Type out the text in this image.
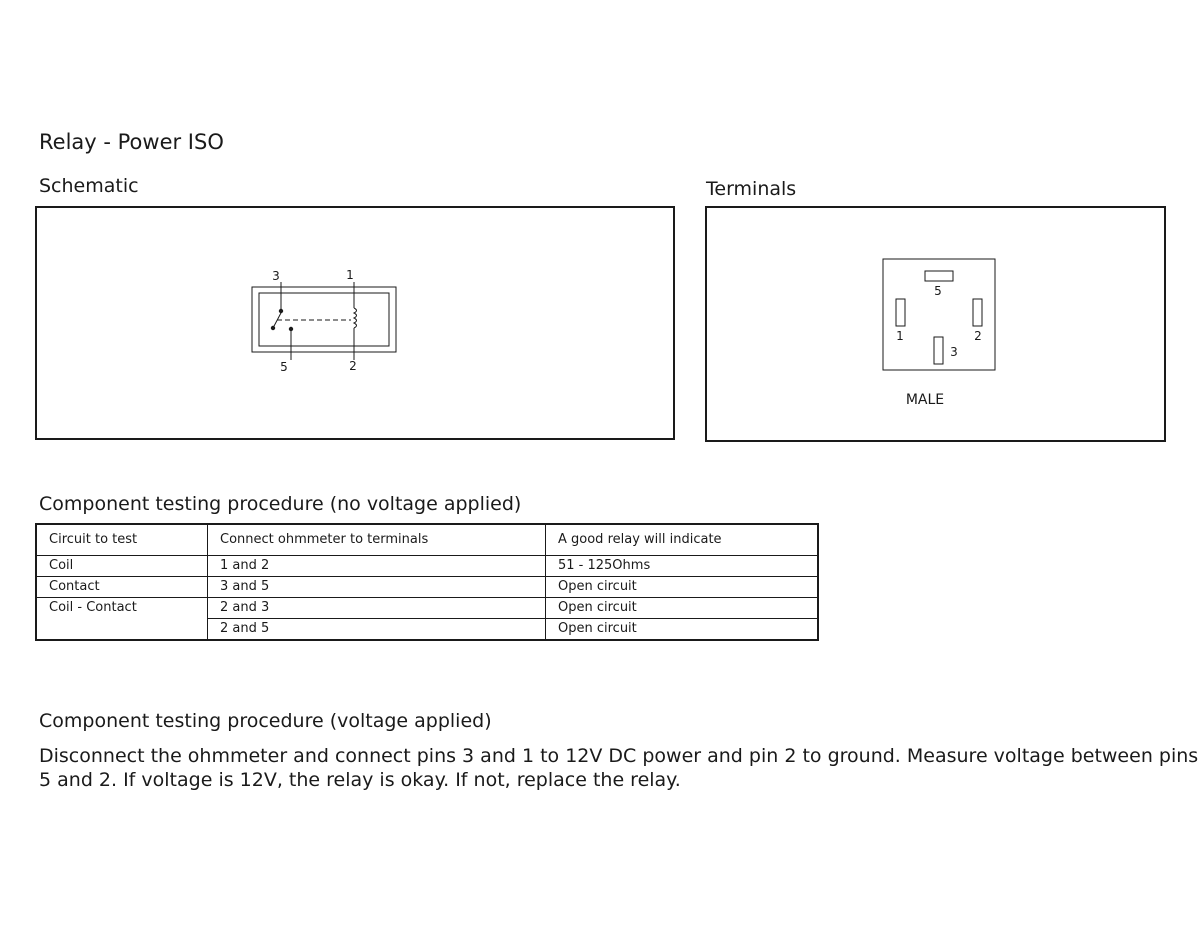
Relay - Power ISO
Schematic	Terminals
3	1
5	2
5
1	2
3
MALE
Component testing procedure (no voltage applied)
Circuit to test	Connect ohmmeter to terminals	A good relay will indicate
Coil	1 and 2	51 - 125Ohms
Contact	3 and 5	Open circuit
Coil - Contact	2 and 3	Open circuit
	2 and 5	Open circuit
Component testing procedure (voltage applied)
Disconnect the ohmmeter and connect pins 3 and 1 to 12V DC power and pin 2 to ground. Measure voltage between pins 5 and 2. If voltage is 12V, the relay is okay. If not, replace the relay.
